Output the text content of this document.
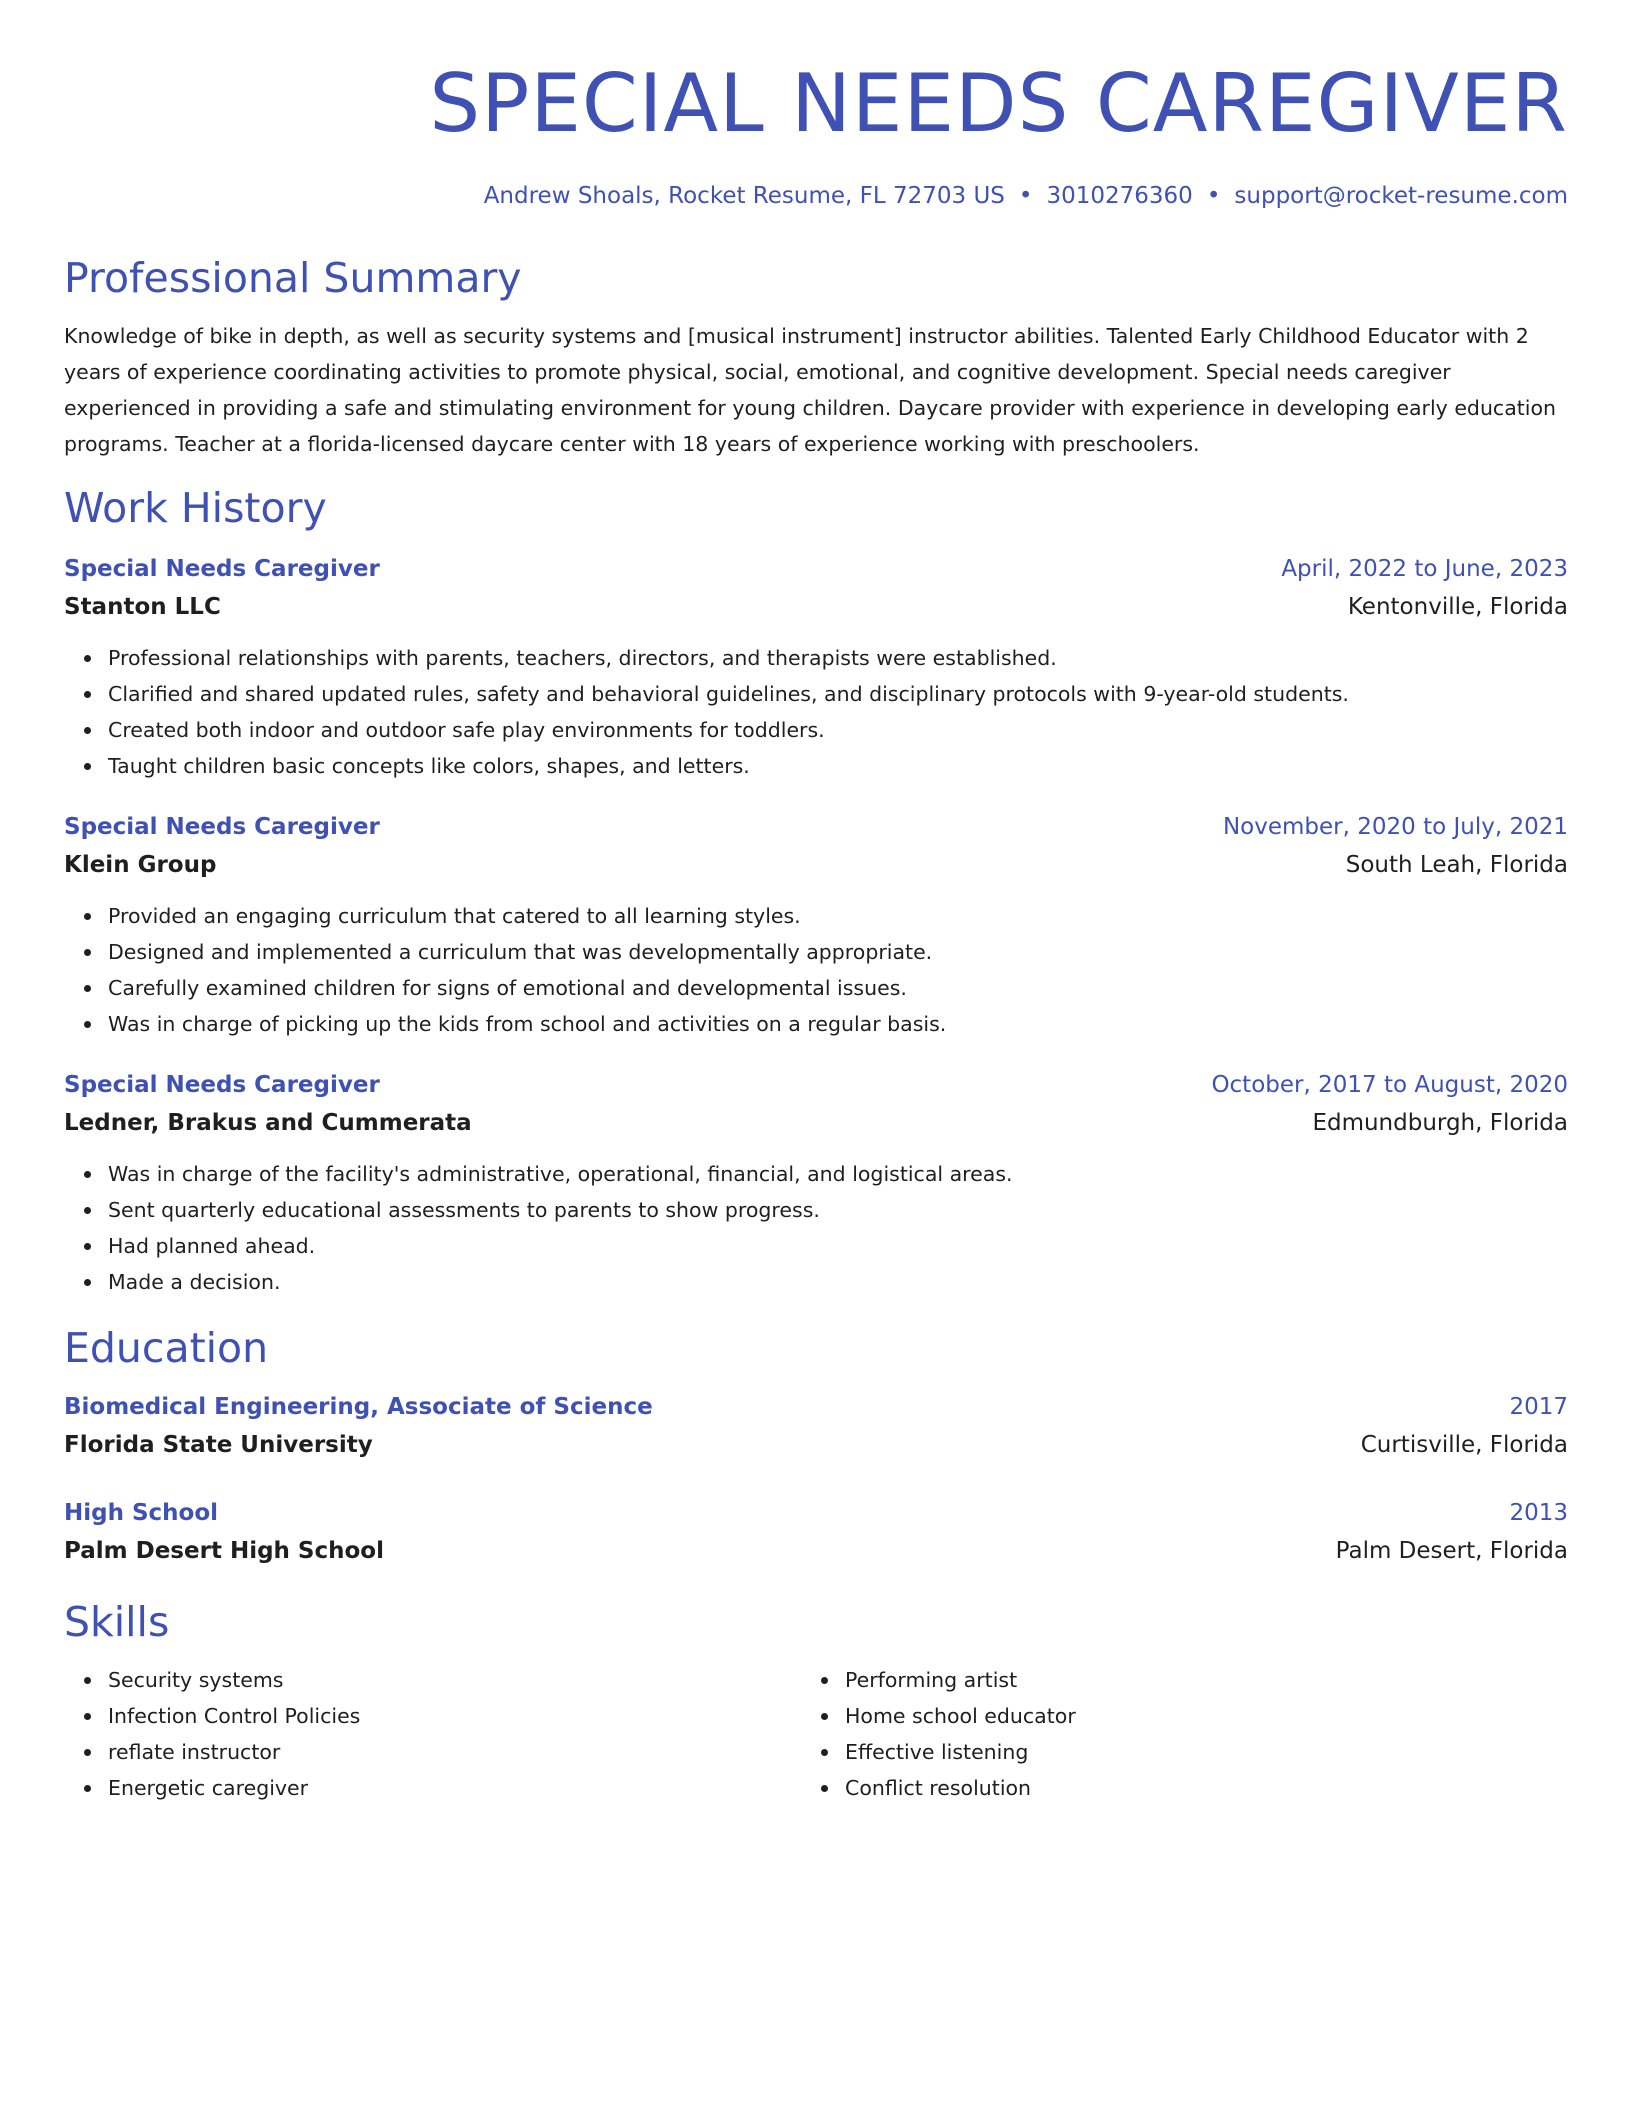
SPECIAL NEEDS CAREGIVER
Andrew Shoals, Rocket Resume, FL 72703 US • 3010276360 • support@rocket-resume.com
Professional Summary
Knowledge of bike in depth, as well as security systems and [musical instrument] instructor abilities. Talented Early Childhood Educator with 2 years of experience coordinating activities to promote physical, social, emotional, and cognitive development. Special needs caregiver experienced in providing a safe and stimulating environment for young children. Daycare provider with experience in developing early education programs. Teacher at a florida-licensed daycare center with 18 years of experience working with preschoolers.
Work History
Special Needs Caregiver	April, 2022 to June, 2023
Stanton LLC	Kentonville, Florida
Professional relationships with parents, teachers, directors, and therapists were established.
Clarified and shared updated rules, safety and behavioral guidelines, and disciplinary protocols with 9-year-old students.
Created both indoor and outdoor safe play environments for toddlers.
Taught children basic concepts like colors, shapes, and letters.
Special Needs Caregiver	November, 2020 to July, 2021
Klein Group	South Leah, Florida
Provided an engaging curriculum that catered to all learning styles.
Designed and implemented a curriculum that was developmentally appropriate.
Carefully examined children for signs of emotional and developmental issues.
Was in charge of picking up the kids from school and activities on a regular basis.
Special Needs Caregiver	October, 2017 to August, 2020
Ledner, Brakus and Cummerata	Edmundburgh, Florida
Was in charge of the facility's administrative, operational, financial, and logistical areas.
Sent quarterly educational assessments to parents to show progress.
Had planned ahead.
Made a decision.
Education
Biomedical Engineering, Associate of Science	2017
Florida State University	Curtisville, Florida
High School	2013
Palm Desert High School	Palm Desert, Florida
Skills
Security systems
Infection Control Policies
reflate instructor
Energetic caregiver
Performing artist
Home school educator
Effective listening
Conflict resolution
